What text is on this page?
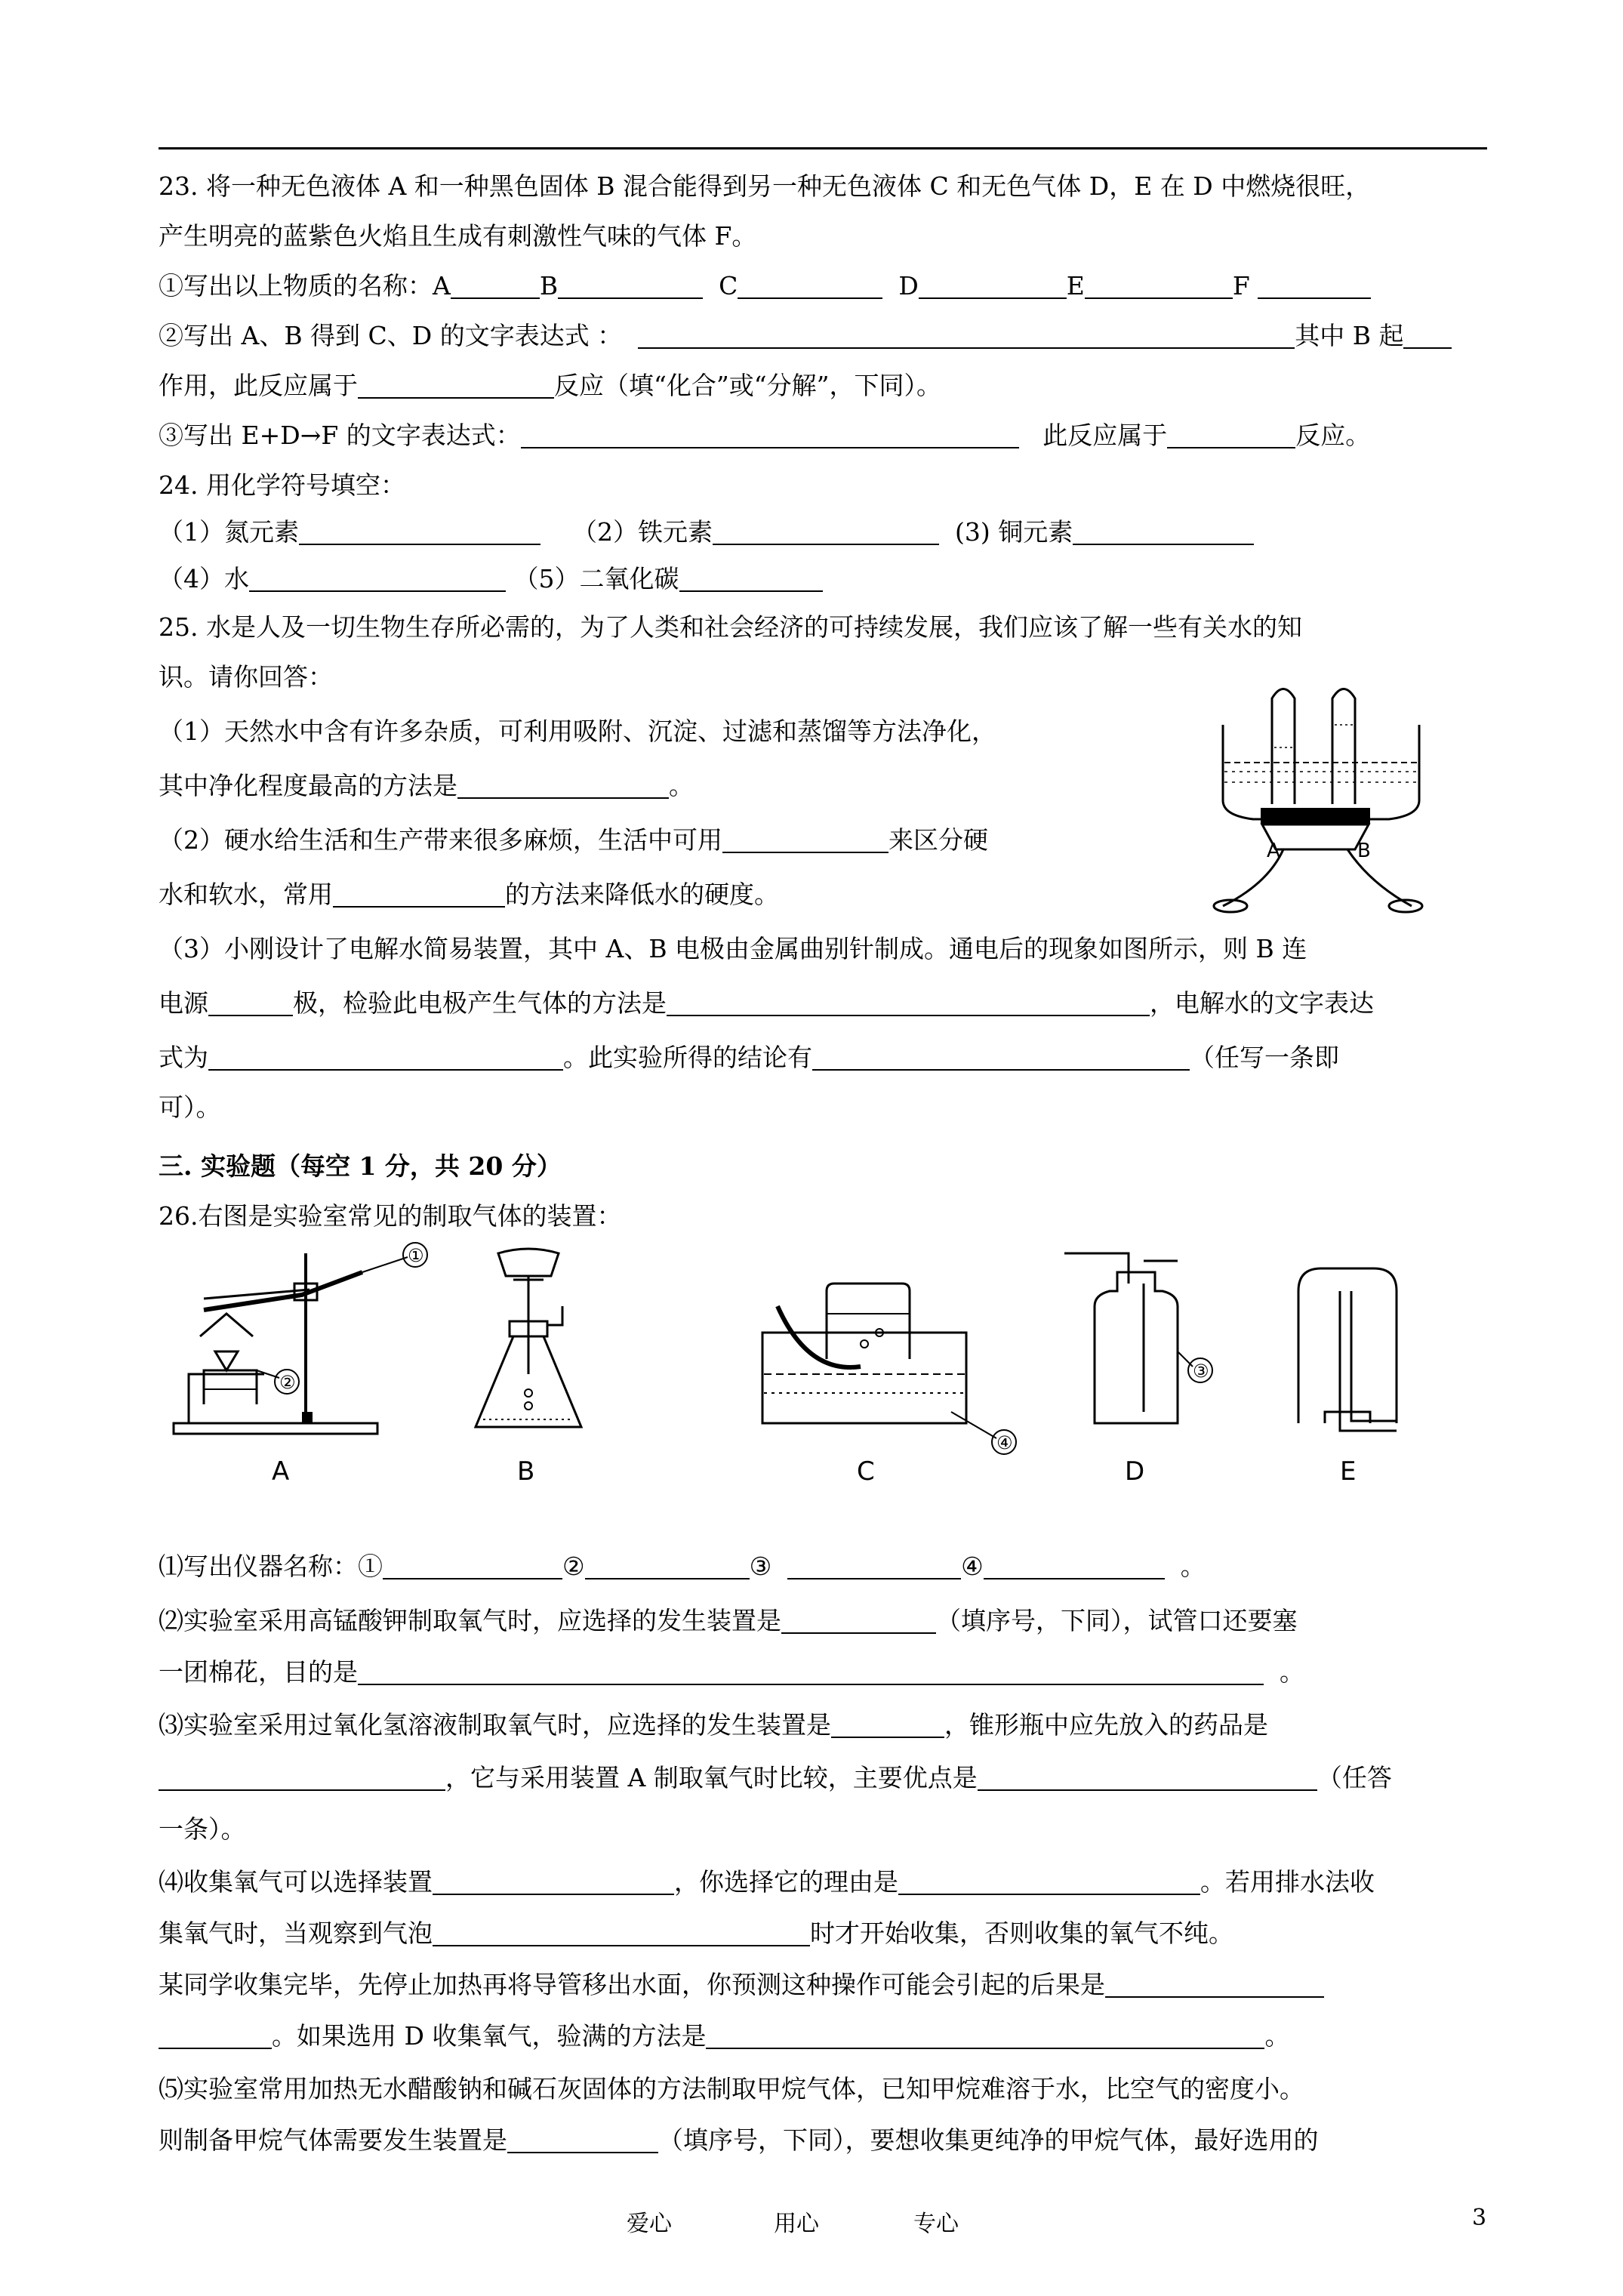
23. 将一种无色液体 A 和一种黑色固体 B 混合能得到另一种无色液体 C 和无色气体 D，E 在 D 中燃烧很旺，
产生明亮的蓝紫色火焰且生成有刺激性气味的气体 F。
①写出以上物质的名称：A	B	C	D	E	F
②写出 A、B 得到 C、D 的文字表达式 ：	其中 B 起
作用，此反应属于	反应（填“化合”或“分解”，下同）。
③写出 E+D→F 的文字表达式：	此反应属于	反应。
24. 用化学符号填空：
（1）氮元素	（2）铁元素	(3) 铜元素
（4）水	（5）二氧化碳
25. 水是人及一切生物生存所必需的，为了人类和社会经济的可持续发展，我们应该了解一些有关水的知
识。请你回答：
（1）天然水中含有许多杂质，可利用吸附、沉淀、过滤和蒸馏等方法净化，
其中净化程度最高的方法是	。
（2）硬水给生活和生产带来很多麻烦，生活中可用	来区分硬
水和软水，常用	的方法来降低水的硬度。
（3）小刚设计了电解水简易装置，其中 A、B 电极由金属曲别针制成。通电后的现象如图所示，则 B 连
电源	极，检验此电极产生气体的方法是	，电解水的文字表达
式为	。此实验所得的结论有	（任写一条即
可）。
A	B
三. 实验题（每空 1 分，共 20 分）
26.右图是实验室常见的制取气体的装置：
①
②
A	B
④
C
③
D	E
⑴写出仪器名称：①	②	③	④	。
⑵实验室采用高锰酸钾制取氧气时，应选择的发生装置是	（填序号，下同），试管口还要塞
一团棉花，目的是	。
⑶实验室采用过氧化氢溶液制取氧气时，应选择的发生装置是	，锥形瓶中应先放入的药品是
，它与采用装置 A 制取氧气时比较，主要优点是	（任答
一条）。
⑷收集氧气可以选择装置	，你选择它的理由是	。若用排水法收
集氧气时，当观察到气泡	时才开始收集，否则收集的氧气不纯。
某同学收集完毕，先停止加热再将导管移出水面，你预测这种操作可能会引起的后果是
。如果选用 D 收集氧气，验满的方法是	。
⑸实验室常用加热无水醋酸钠和碱石灰固体的方法制取甲烷气体，已知甲烷难溶于水，比空气的密度小。
则制备甲烷气体需要发生装置是	（填序号，下同），要想收集更纯净的甲烷气体，最好选用的
爱心	用心	专心	3
